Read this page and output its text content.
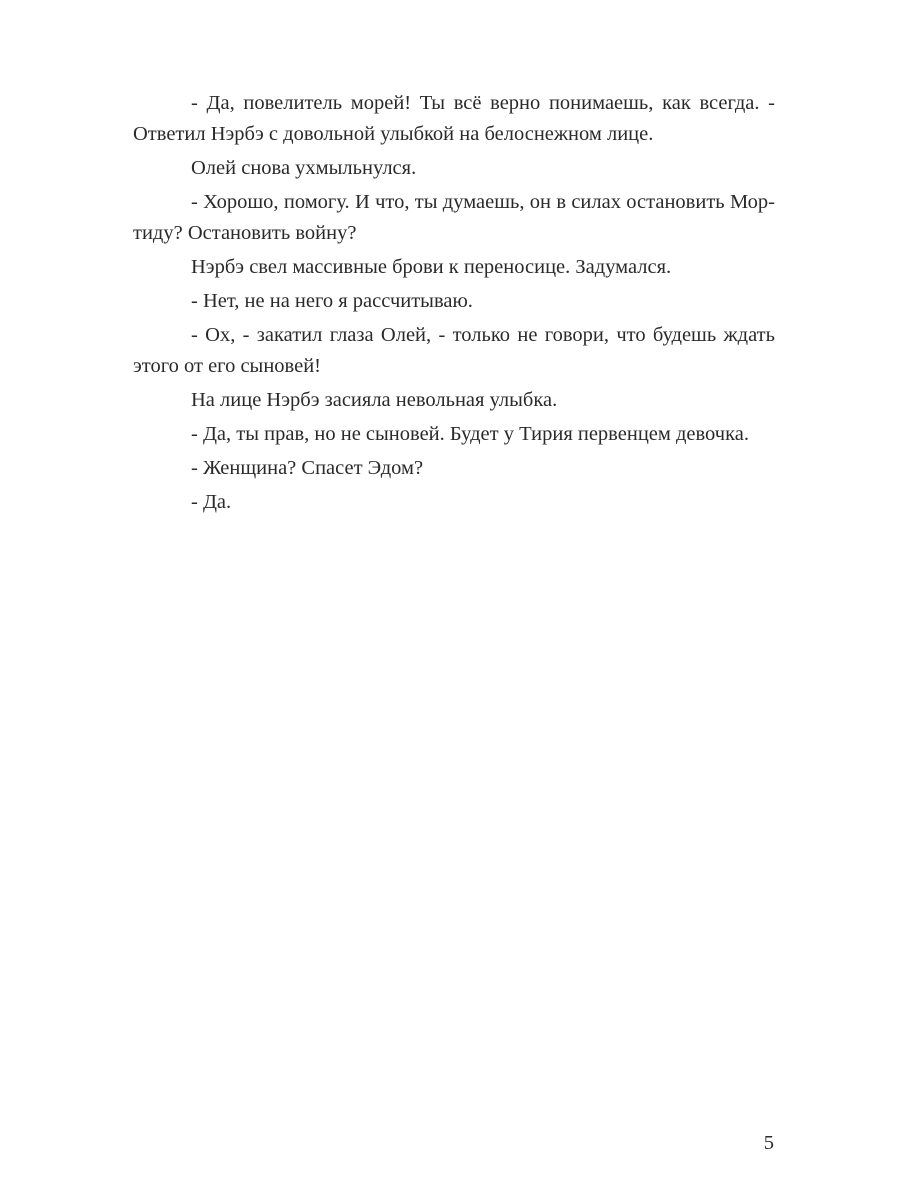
- Да, повелитель морей! Ты всё верно понимаешь, как всегда. - Ответил Нэрбэ с довольной улыбкой на белоснежном лице.

Олей снова ухмыльнулся.

- Хорошо, помогу. И что, ты думаешь, он в силах остановить Мортиду? Остановить войну?

Нэрбэ свел массивные брови к переносице. Задумался.

- Нет, не на него я рассчитываю.

- Ох, - закатил глаза Олей, - только не говори, что будешь ждать этого от его сыновей!

На лице Нэрбэ засияла невольная улыбка.

- Да, ты прав, но не сыновей. Будет у Тирия первенцем девочка.

- Женщина? Спасет Эдом?

- Да.

5
